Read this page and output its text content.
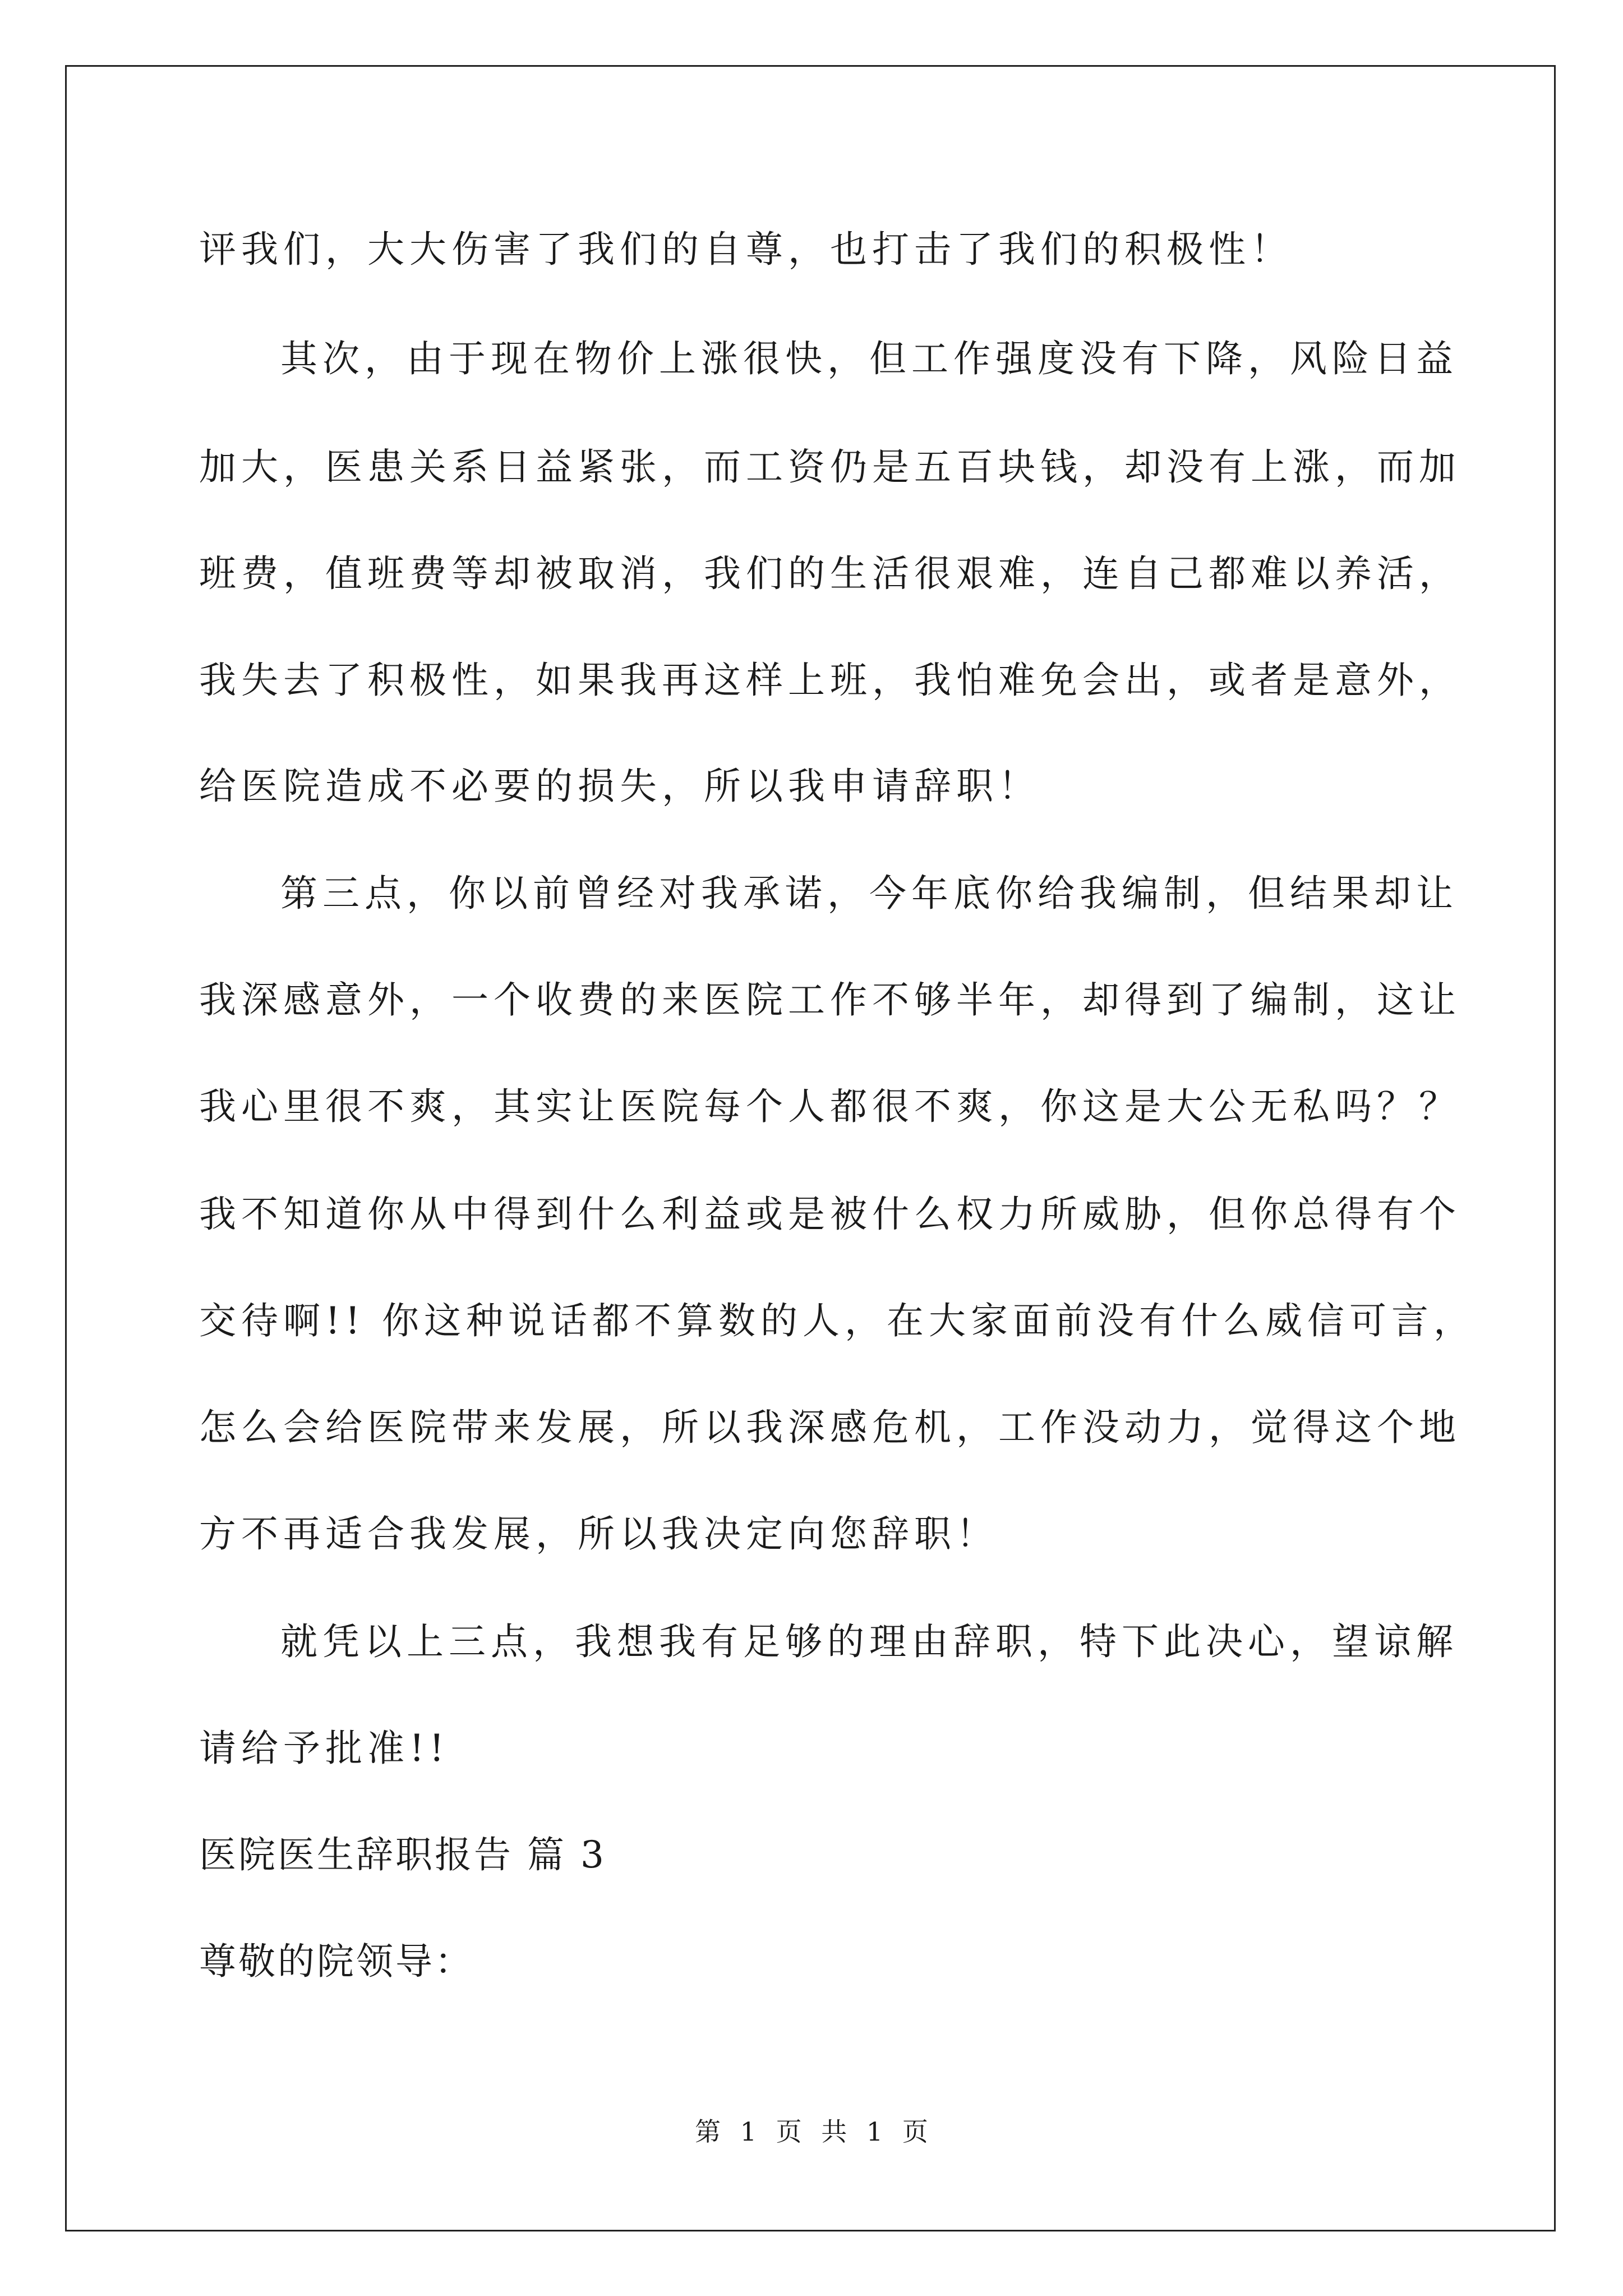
评我们，大大伤害了我们的自尊，也打击了我们的积极性！
其次，由于现在物价上涨很快，但工作强度没有下降，风险日益
加大，医患关系日益紧张，而工资仍是五百块钱，却没有上涨，而加
班费，值班费等却被取消，我们的生活很艰难，连自己都难以养活，
我失去了积极性，如果我再这样上班，我怕难免会出，或者是意外，
给医院造成不必要的损失，所以我申请辞职！
第三点，你以前曾经对我承诺，今年底你给我编制，但结果却让
我深感意外，一个收费的来医院工作不够半年，却得到了编制，这让
我心里很不爽，其实让医院每个人都很不爽，你这是大公无私吗？？
我不知道你从中得到什么利益或是被什么权力所威胁，但你总得有个
交待啊!! 你这种说话都不算数的人，在大家面前没有什么威信可言，
怎么会给医院带来发展，所以我深感危机，工作没动力，觉得这个地
方不再适合我发展，所以我决定向您辞职！
就凭以上三点，我想我有足够的理由辞职，特下此决心，望谅解
请给予批准!!
医院医生辞职报告 篇 3
尊敬的院领导：
第 1 页 共 1 页
